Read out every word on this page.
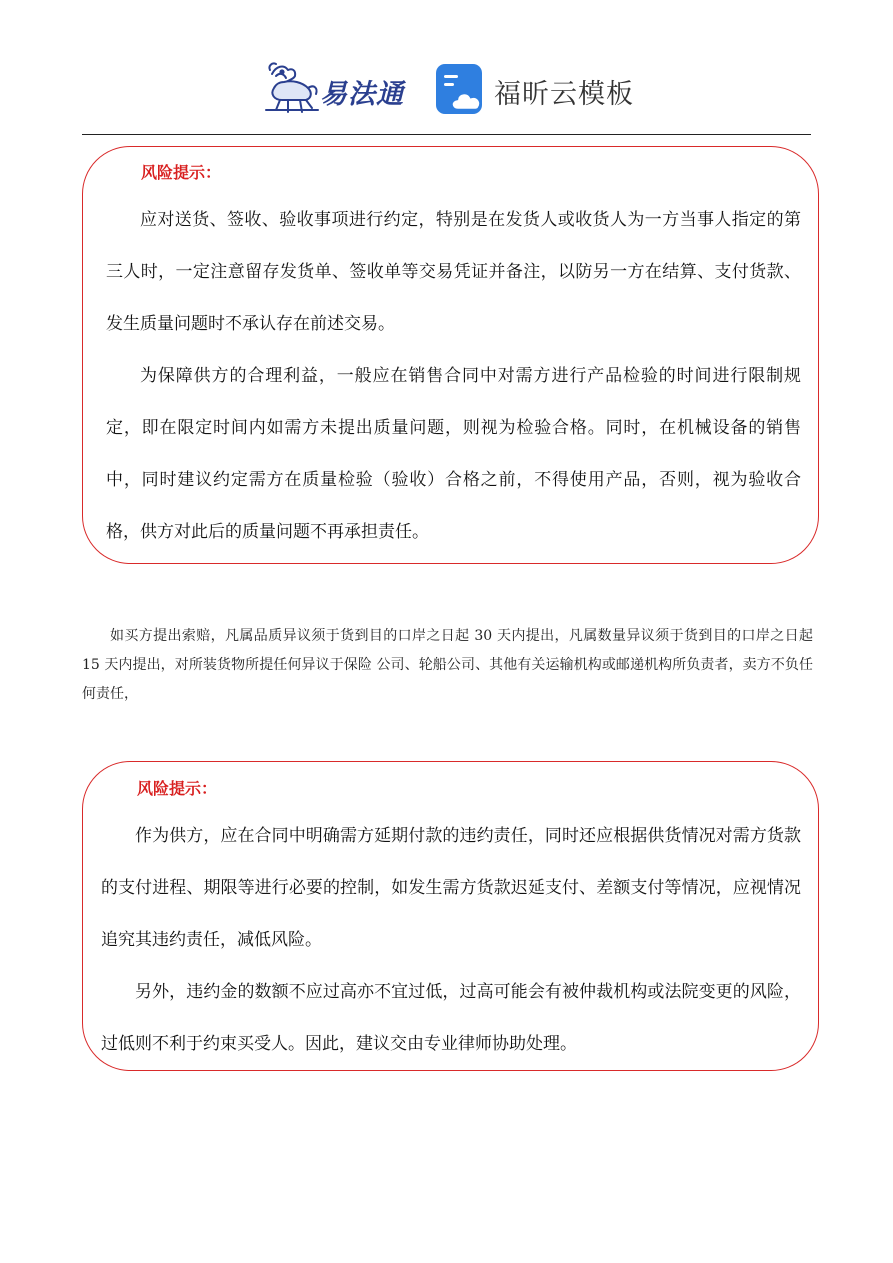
易法通	福昕云模板
风险提示：

应对送货、签收、验收事项进行约定，特别是在发货人或收货人为一方当事人指定的第三人时，一定注意留存发货单、签收单等交易凭证并备注，以防另一方在结算、支付货款、发生质量问题时不承认存在前述交易。

为保障供方的合理利益，一般应在销售合同中对需方进行产品检验的时间进行限制规定，即在限定时间内如需方未提出质量问题，则视为检验合格。同时，在机械设备的销售中，同时建议约定需方在质量检验（验收）合格之前，不得使用产品，否则，视为验收合格，供方对此后的质量问题不再承担责任。

如买方提出索赔，凡属品质异议须于货到目的口岸之日起 30 天内提出，凡属数量异议须于货到目的口岸之日起 15 天内提出，对所装货物所提任何异议于保险 公司、轮船公司、其他有关运输机构或邮递机构所负责者，卖方不负任何责任，

风险提示：

作为供方，应在合同中明确需方延期付款的违约责任，同时还应根据供货情况对需方货款的支付进程、期限等进行必要的控制，如发生需方货款迟延支付、差额支付等情况，应视情况追究其违约责任，减低风险。

另外，违约金的数额不应过高亦不宜过低，过高可能会有被仲裁机构或法院变更的风险，过低则不利于约束买受人。因此，建议交由专业律师协助处理。
